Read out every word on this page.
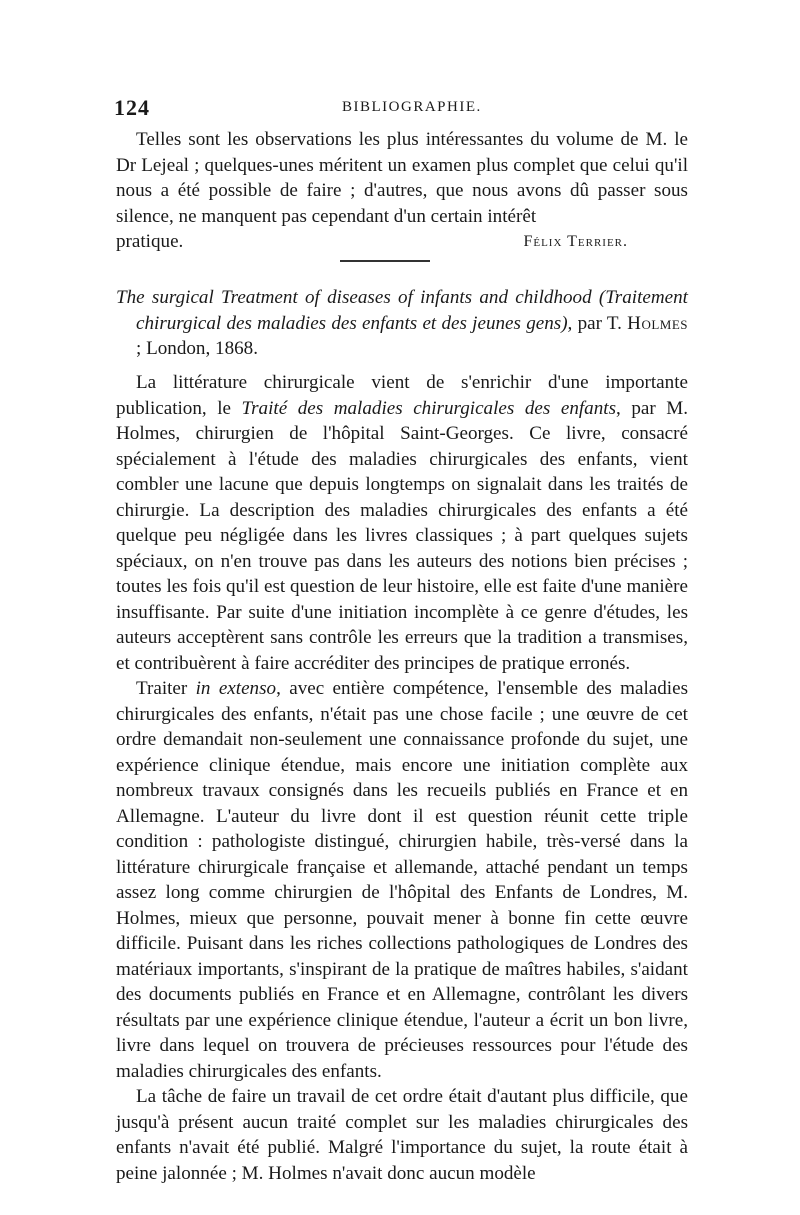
124	BIBLIOGRAPHIE.

Telles sont les observations les plus intéressantes du volume de M. le Dr Lejeal ; quelques-unes méritent un examen plus complet que celui qu'il nous a été possible de faire ; d'autres, que nous avons dû passer sous silence, ne manquent pas cependant d'un certain intérêt

pratique.	Félix Terrier.
The surgical Treatment of diseases of infants and childhood (Traitement chirurgical des maladies des enfants et des jeunes gens), par T. Holmes ; London, 1868.

La littérature chirurgicale vient de s'enrichir d'une importante publication, le Traité des maladies chirurgicales des enfants, par M. Holmes, chirurgien de l'hôpital Saint-Georges. Ce livre, consacré spécialement à l'étude des maladies chirurgicales des enfants, vient combler une lacune que depuis longtemps on signalait dans les traités de chirurgie. La description des maladies chirurgicales des enfants a été quelque peu négligée dans les livres classiques ; à part quelques sujets spéciaux, on n'en trouve pas dans les auteurs des notions bien précises ; toutes les fois qu'il est question de leur histoire, elle est faite d'une manière insuffisante. Par suite d'une initiation incomplète à ce genre d'études, les auteurs acceptèrent sans contrôle les erreurs que la tradition a transmises, et contribuèrent à faire accréditer des principes de pratique erronés.

Traiter in extenso, avec entière compétence, l'ensemble des maladies chirurgicales des enfants, n'était pas une chose facile ; une œuvre de cet ordre demandait non-seulement une connaissance profonde du sujet, une expérience clinique étendue, mais encore une initiation complète aux nombreux travaux consignés dans les recueils publiés en France et en Allemagne. L'auteur du livre dont il est question réunit cette triple condition : pathologiste distingué, chirurgien habile, très-versé dans la littérature chirurgicale française et allemande, attaché pendant un temps assez long comme chirurgien de l'hôpital des Enfants de Londres, M. Holmes, mieux que personne, pouvait mener à bonne fin cette œuvre difficile. Puisant dans les riches collections pathologiques de Londres des matériaux importants, s'inspirant de la pratique de maîtres habiles, s'aidant des documents publiés en France et en Allemagne, contrôlant les divers résultats par une expérience clinique étendue, l'auteur a écrit un bon livre, livre dans lequel on trouvera de précieuses ressources pour l'étude des maladies chirurgicales des enfants.

La tâche de faire un travail de cet ordre était d'autant plus difficile, que jusqu'à présent aucun traité complet sur les maladies chirurgicales des enfants n'avait été publié. Malgré l'importance du sujet, la route était à peine jalonnée ; M. Holmes n'avait donc aucun modèle
